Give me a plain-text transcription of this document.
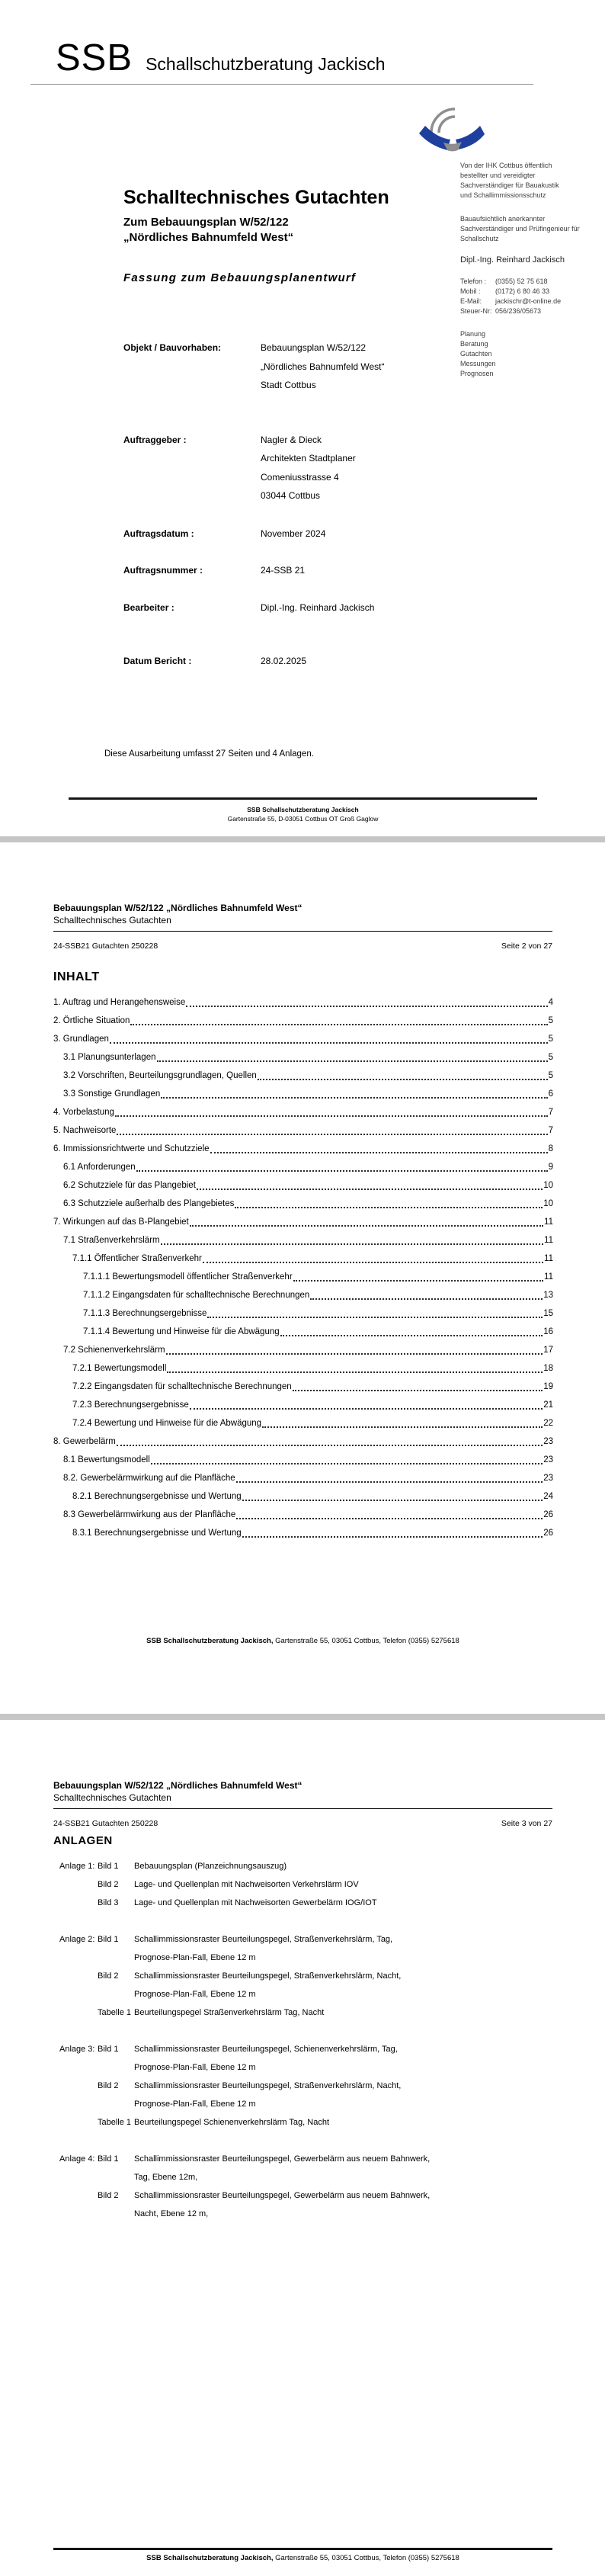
SSB Schallschutzberatung Jackisch
Von der IHK Cottbus öffentlich
bestellter und vereidigter
Sachverständiger für Bauakustik
und Schallimmissionsschutz
Bauaufsichtlich anerkannter
Sachverständiger und Prüfingenieur für
Schallschutz
Dipl.-Ing. Reinhard Jackisch
Telefon :	(0355) 52 75 618
Mobil :	(0172) 6 80 46 33
E-Mail:	jackischr@t-online.de
Steuer-Nr: 056/236/05673
Planung
Beratung
Gutachten
Messungen
Prognosen
Schalltechnisches Gutachten
Zum Bebauungsplan W/52/122
„Nördliches Bahnumfeld West“
Fassung zum Bebauungsplanentwurf
Objekt / Bauvorhaben:	Bebauungsplan W/52/122
„Nördliches Bahnumfeld West“
Stadt Cottbus
Auftraggeber :	Nagler & Dieck
Architekten Stadtplaner
Comeniusstrasse 4
03044 Cottbus
Auftragsdatum :	November 2024
Auftragsnummer :	24-SSB 21
Bearbeiter :	Dipl.-Ing. Reinhard Jackisch
Datum Bericht :	28.02.2025
Diese Ausarbeitung umfasst 27 Seiten und 4 Anlagen.
SSB Schallschutzberatung Jackisch
Gartenstraße 55, D-03051 Cottbus OT Groß Gaglow
Bebauungsplan W/52/122 „Nördliches Bahnumfeld West“
Schalltechnisches Gutachten
24-SSB21 Gutachten 250228	Seite 2 von 27
INHALT
1. Auftrag und Herangehensweise	4
2. Örtliche Situation	5
3. Grundlagen	5
3.1 Planungsunterlagen	5
3.2 Vorschriften, Beurteilungsgrundlagen, Quellen	5
3.3 Sonstige Grundlagen	6
4. Vorbelastung	7
5. Nachweisorte	7
6. Immissionsrichtwerte und Schutzziele	8
6.1 Anforderungen	9
6.2 Schutzziele für das Plangebiet	10
6.3 Schutzziele außerhalb des Plangebietes	10
7. Wirkungen auf das B-Plangebiet	11
7.1 Straßenverkehrslärm	11
7.1.1 Öffentlicher Straßenverkehr	11
7.1.1.1 Bewertungsmodell öffentlicher Straßenverkehr	11
7.1.1.2 Eingangsdaten für schalltechnische Berechnungen	13
7.1.1.3 Berechnungsergebnisse	15
7.1.1.4 Bewertung und Hinweise für die Abwägung	16
7.2 Schienenverkehrslärm	17
7.2.1 Bewertungsmodell	18
7.2.2 Eingangsdaten für schalltechnische Berechnungen	19
7.2.3 Berechnungsergebnisse	21
7.2.4 Bewertung und Hinweise für die Abwägung	22
8. Gewerbelärm	23
8.1 Bewertungsmodell	23
8.2. Gewerbelärmwirkung auf die Planfläche	23
8.2.1 Berechnungsergebnisse und Wertung	24
8.3 Gewerbelärmwirkung aus der Planfläche	26
8.3.1 Berechnungsergebnisse und Wertung	26
SSB Schallschutzberatung Jackisch, Gartenstraße 55, 03051 Cottbus, Telefon (0355) 5275618
Bebauungsplan W/52/122 „Nördliches Bahnumfeld West“
Schalltechnisches Gutachten
24-SSB21 Gutachten 250228	Seite 3 von 27
ANLAGEN
Anlage 1: Bild 1	Bebauungsplan (Planzeichnungsauszug)
Bild 2	Lage- und Quellenplan mit Nachweisorten Verkehrslärm IOV
Bild 3	Lage- und Quellenplan mit Nachweisorten Gewerbelärm IOG/IOT
Anlage 2: Bild 1	Schallimmissionsraster Beurteilungspegel, Straßenverkehrslärm, Tag,
Prognose-Plan-Fall, Ebene 12 m
Bild 2	Schallimmissionsraster Beurteilungspegel, Straßenverkehrslärm, Nacht,
Prognose-Plan-Fall, Ebene 12 m
Tabelle 1 Beurteilungspegel Straßenverkehrslärm Tag, Nacht
Anlage 3: Bild 1	Schallimmissionsraster Beurteilungspegel, Schienenverkehrslärm, Tag,
Prognose-Plan-Fall, Ebene 12 m
Bild 2	Schallimmissionsraster Beurteilungspegel, Straßenverkehrslärm, Nacht,
Prognose-Plan-Fall, Ebene 12 m
Tabelle 1 Beurteilungspegel Schienenverkehrslärm Tag, Nacht
Anlage 4: Bild 1	Schallimmissionsraster Beurteilungspegel, Gewerbelärm aus neuem Bahnwerk,
Tag, Ebene 12m,
Bild 2	Schallimmissionsraster Beurteilungspegel, Gewerbelärm aus neuem Bahnwerk,
Nacht, Ebene 12 m,
SSB Schallschutzberatung Jackisch, Gartenstraße 55, 03051 Cottbus, Telefon (0355) 5275618
